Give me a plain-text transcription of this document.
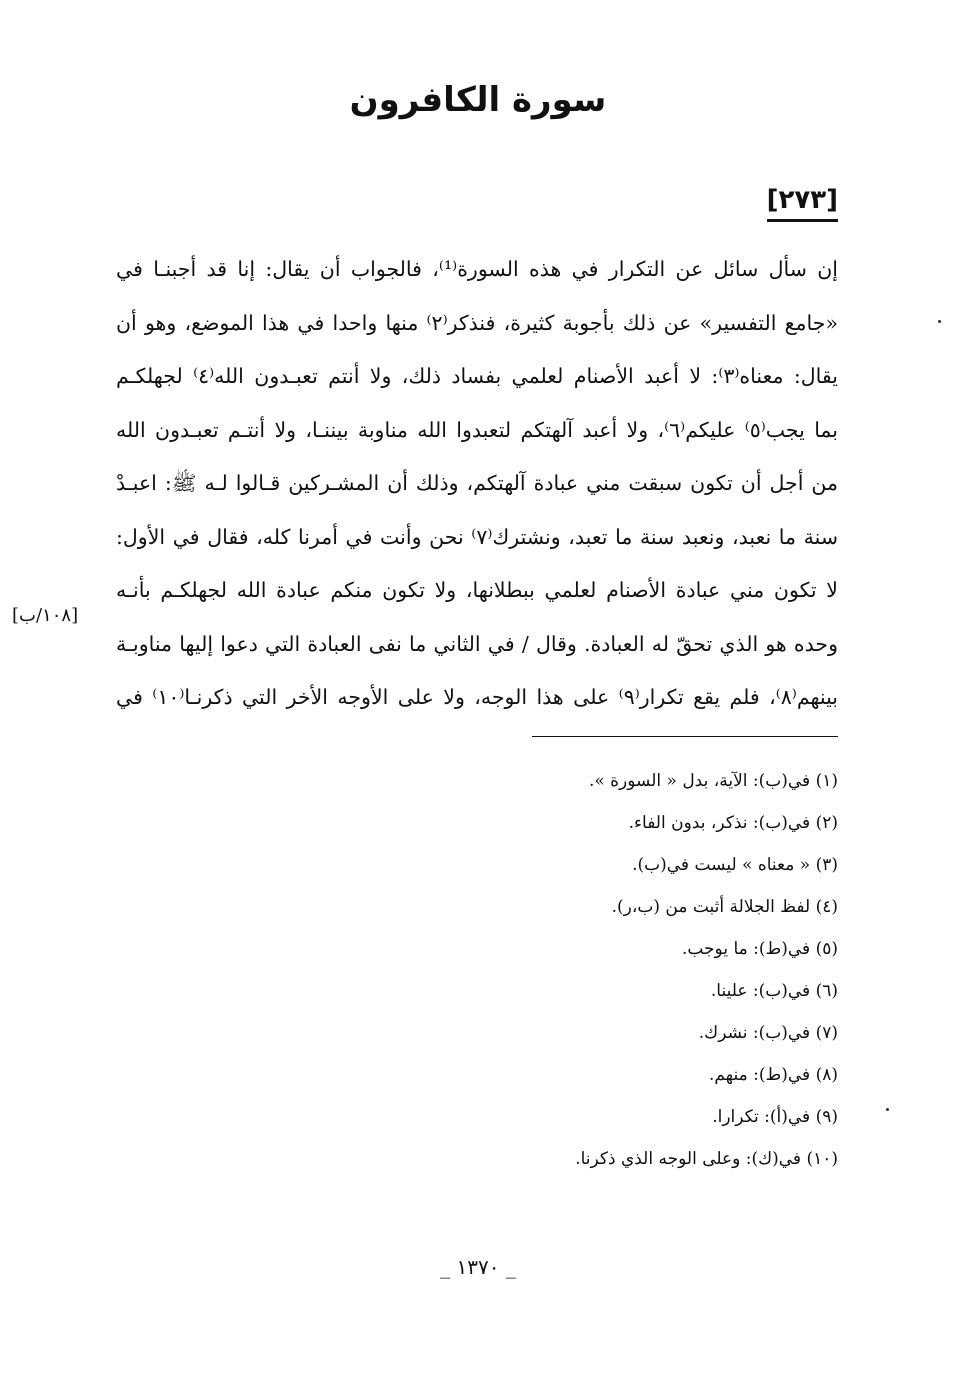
سورة الكافرون
[٢٧٣]
إن سأل سائل عن التكرار في هذه السورة⁽¹⁾، فالجواب أن يقال: إنا قد أجبنـا في
«جامع التفسير» عن ذلك بأجوبة كثيرة، فنذكر⁽٢⁾ منها واحدا في هذا الموضع، وهو أن
يقال: معناه⁽٣⁾: لا أعبد الأصنام لعلمي بفساد ذلك، ولا أنتم تعبـدون الله⁽٤⁾ لجهلكـم
بما يجب⁽٥⁾ عليكم⁽٦⁾، ولا أعبد آلهتكم لتعبدوا الله مناوبة بيننـا، ولا أنتـم تعبـدون الله
من أجل أن تكون سبقت مني عبادة آلهتكم، وذلك أن المشـركين قـالوا لـه ﷺ: اعبـدْ
سنة ما نعبد، ونعبد سنة ما تعبد، ونشترك⁽٧⁾ نحن وأنت في أمرنا كله، فقال في الأول:
لا تكون مني عبادة الأصنام لعلمي ببطلانها، ولا تكون منكم عبادة الله لجهلكـم بأنـه
وحده هو الذي تحقّ له العبادة. وقال / في الثاني ما نفى العبادة التي دعوا إليها مناوبـة
بينهم⁽٨⁾، فلم يقع تكرار⁽٩⁾ على هذا الوجه، ولا على الأوجه الأخر التي ذكرنـا⁽١٠⁾ في
[١٠٨/ب]
(١) في(ب): الآية، بدل « السورة ».
(٢) في(ب): نذكر، بدون الفاء.
(٣) « معناه » ليست في(ب).
(٤) لفظ الجلالة أثبت من (ب،ر).
(٥) في(ط): ما يوجب.
(٦) في(ب): علينا.
(٧) في(ب): نشرك.
(٨) في(ط): منهم.
(٩) في(أ): تكرارا.
(١٠) في(ك): وعلى الوجه الذي ذكرنا.
_ ١٣٧٠ _
